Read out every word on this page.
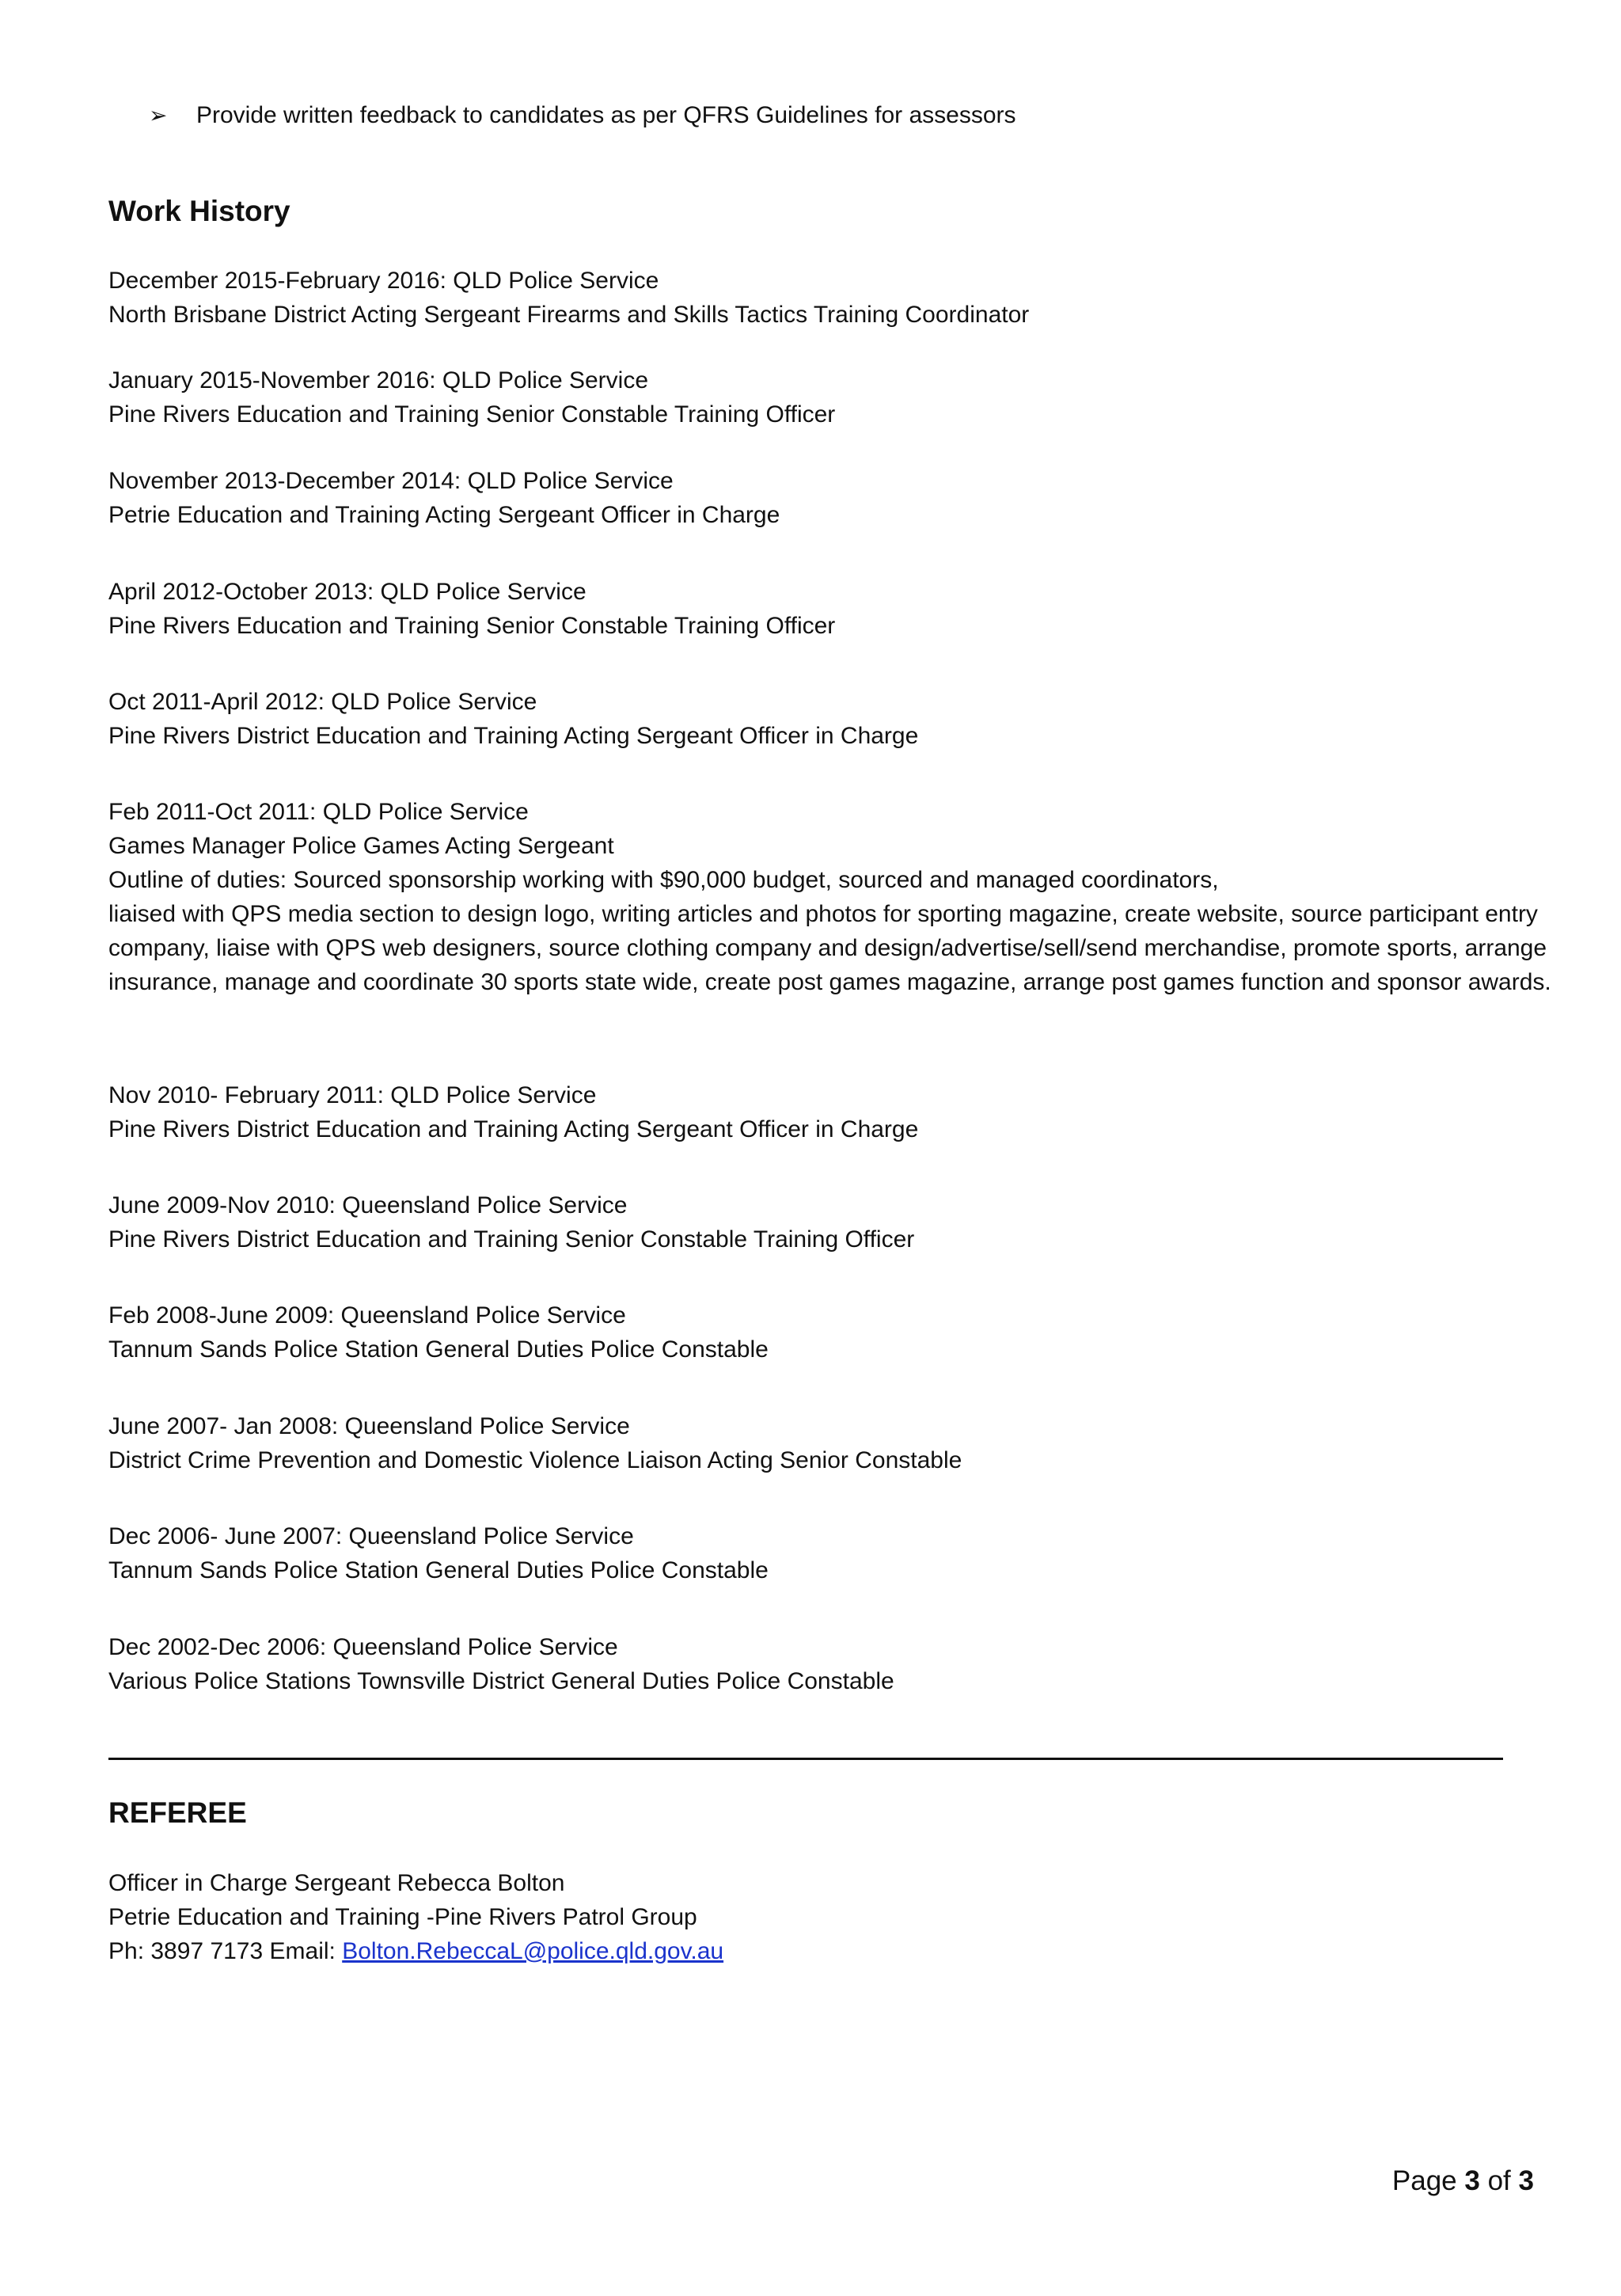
➢	Provide written feedback to candidates as per QFRS Guidelines for assessors
Work History

December 2015-February 2016: QLD Police Service

North Brisbane District Acting Sergeant Firearms and Skills Tactics Training Coordinator

January 2015-November 2016: QLD Police Service

Pine Rivers Education and Training Senior Constable Training Officer

November 2013-December 2014: QLD Police Service

Petrie Education and Training Acting Sergeant Officer in Charge

April 2012-October 2013: QLD Police Service

Pine Rivers Education and Training Senior Constable Training Officer

Oct 2011-April 2012: QLD Police Service

Pine Rivers District Education and Training Acting Sergeant Officer in Charge

Feb 2011-Oct 2011: QLD Police Service

Games Manager Police Games Acting Sergeant

Outline of duties: Sourced sponsorship working with $90,000 budget, sourced and managed coordinators,

liaised with QPS media section to design logo, writing articles and photos for sporting magazine, create website, source participant entry company, liaise with QPS web designers, source clothing company and design/advertise/sell/send merchandise, promote sports, arrange insurance, manage and coordinate 30 sports state wide, create post games magazine, arrange post games function and sponsor awards.

Nov 2010- February 2011: QLD Police Service

Pine Rivers District Education and Training Acting Sergeant Officer in Charge

June 2009-Nov 2010: Queensland Police Service

Pine Rivers District Education and Training Senior Constable Training Officer

Feb 2008-June 2009: Queensland Police Service

Tannum Sands Police Station General Duties Police Constable

June 2007- Jan 2008: Queensland Police Service

District Crime Prevention and Domestic Violence Liaison Acting Senior Constable

Dec 2006- June 2007: Queensland Police Service

Tannum Sands Police Station General Duties Police Constable

Dec 2002-Dec 2006: Queensland Police Service

Various Police Stations Townsville District General Duties Police Constable

REFEREE

Officer in Charge Sergeant Rebecca Bolton

Petrie Education and Training -Pine Rivers Patrol Group

Ph: 3897 7173 Email: Bolton.RebeccaL@police.qld.gov.au

Page 3 of 3
